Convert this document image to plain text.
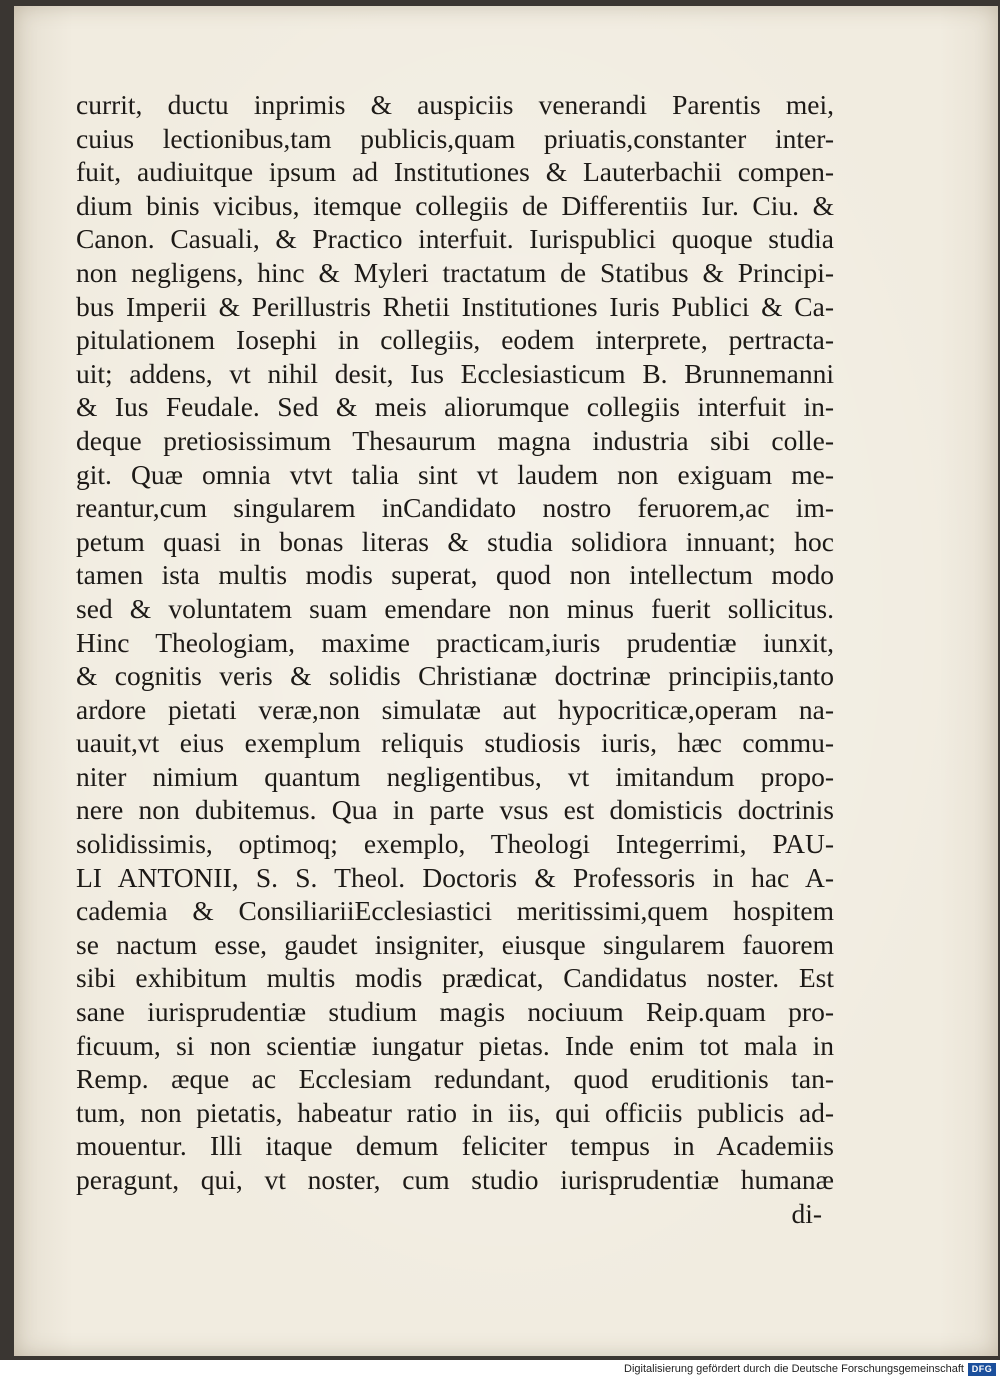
currit, ductu inprimis & auspiciis venerandi Parentis mei,
cuius lectionibus,tam publicis,quam priuatis,constanter inter-
fuit, audiuitque ipsum ad Institutiones & Lauterbachii compen-
dium binis vicibus, itemque collegiis de Differentiis Iur. Ciu. &
Canon. Casuali, & Practico interfuit. Iurispublici quoque studia
non negligens, hinc & Myleri tractatum de Statibus & Principi-
bus Imperii & Perillustris Rhetii Institutiones Iuris Publici & Ca-
pitulationem Iosephi in collegiis, eodem interprete, pertracta-
uit; addens, vt nihil desit, Ius Ecclesiasticum B. Brunnemanni
& Ius Feudale. Sed & meis aliorumque collegiis interfuit in-
deque pretiosissimum Thesaurum magna industria sibi colle-
git. Quæ omnia vtvt talia sint vt laudem non exiguam me-
reantur,cum singularem inCandidato nostro feruorem,ac im-
petum quasi in bonas literas & studia solidiora innuant; hoc
tamen ista multis modis superat, quod non intellectum modo
sed & voluntatem suam emendare non minus fuerit sollicitus.
Hinc Theologiam, maxime practicam,iuris prudentiæ iunxit,
& cognitis veris & solidis Christianæ doctrinæ principiis,tanto
ardore pietati veræ,non simulatæ aut hypocriticæ,operam na-
uauit,vt eius exemplum reliquis studiosis iuris, hæc commu-
niter nimium quantum negligentibus, vt imitandum propo-
nere non dubitemus. Qua in parte vsus est domisticis doctrinis
solidissimis, optimoq; exemplo, Theologi Integerrimi, PAU-
LI ANTONII, S. S. Theol. Doctoris & Professoris in hac A-
cademia & ConsiliariiEcclesiastici meritissimi,quem hospitem
se nactum esse, gaudet insigniter, eiusque singularem fauorem
sibi exhibitum multis modis prædicat, Candidatus noster. Est
sane iurisprudentiæ studium magis nociuum Reip.quam pro-
ficuum, si non scientiæ iungatur pietas. Inde enim tot mala in
Remp. æque ac Ecclesiam redundant, quod eruditionis tan-
tum, non pietatis, habeatur ratio in iis, qui officiis publicis ad-
mouentur. Illi itaque demum feliciter tempus in Academiis
peragunt, qui, vt noster, cum studio iurisprudentiæ humanæ
di-
Digitalisierung gefördert durch die Deutsche Forschungsgemeinschaft DFG
